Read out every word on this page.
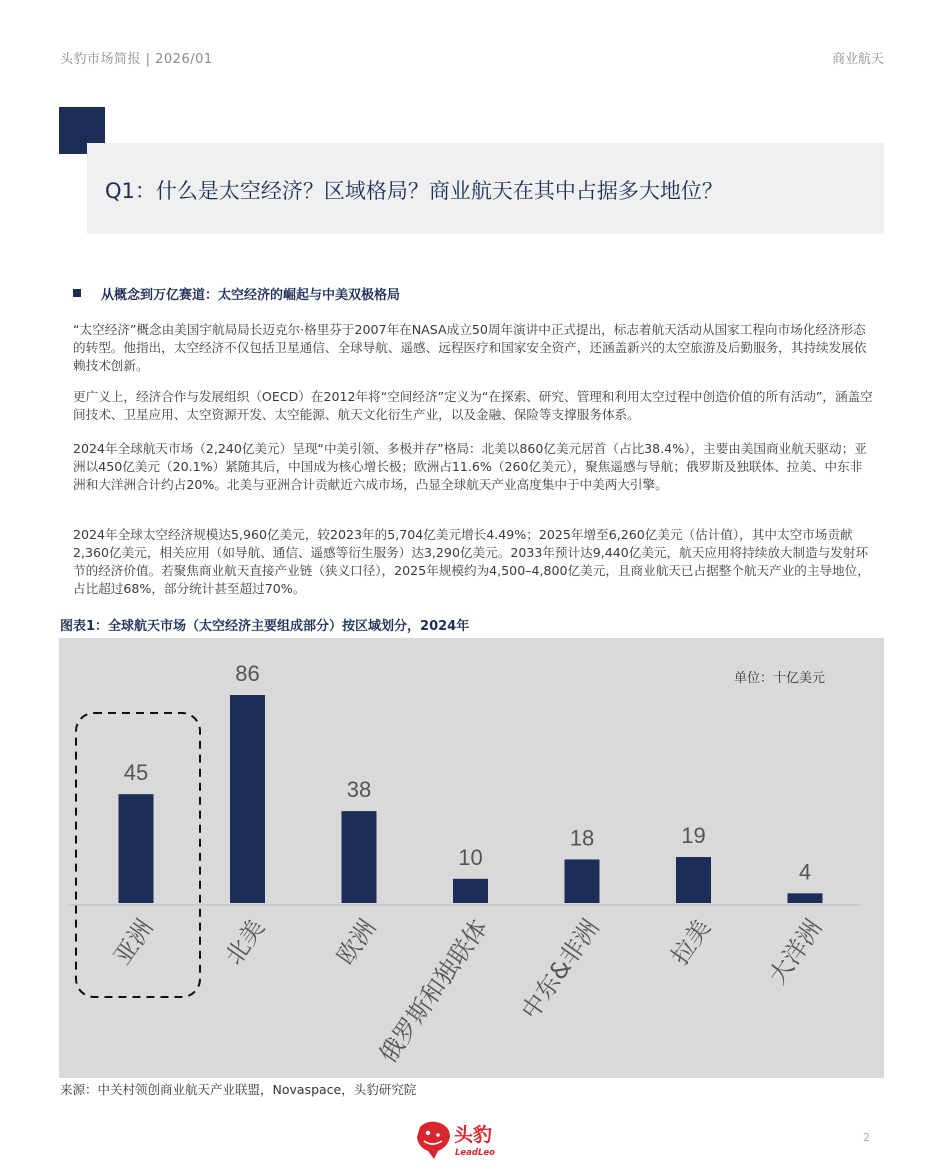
头豹市场简报 | 2026/01	商业航天
Q1：什么是太空经济？区域格局？商业航天在其中占据多大地位？
从概念到万亿赛道：太空经济的崛起与中美双极格局
“太空经济”概念由美国宇航局局长迈克尔·格里芬于2007年在NASA成立50周年演讲中正式提出，标志着航天活动从国家工程向市场化经济形态的转型。他指出，太空经济不仅包括卫星通信、全球导航、遥感、远程医疗和国家安全资产，还涵盖新兴的太空旅游及后勤服务，其持续发展依赖技术创新。
更广义上，经济合作与发展组织（OECD）在2012年将“空间经济”定义为“在探索、研究、管理和利用太空过程中创造价值的所有活动”，涵盖空间技术、卫星应用、太空资源开发、太空能源、航天文化衍生产业，以及金融、保险等支撑服务体系。
2024年全球航天市场（2,240亿美元）呈现“中美引领、多极并存”格局：北美以860亿美元居首（占比38.4%），主要由美国商业航天驱动；亚洲以450亿美元（20.1%）紧随其后，中国成为核心增长极；欧洲占11.6%（260亿美元），聚焦遥感与导航；俄罗斯及独联体、拉美、中东非洲和大洋洲合计约占20%。北美与亚洲合计贡献近六成市场，凸显全球航天产业高度集中于中美两大引擎。
2024年全球太空经济规模达5,960亿美元，较2023年的5,704亿美元增长4.49%；2025年增至6,260亿美元（估计值），其中太空市场贡献2,360亿美元，相关应用（如导航、通信、遥感等衍生服务）达3,290亿美元。2033年预计达9,440亿美元，航天应用将持续放大制造与发射环节的经济价值。若聚焦商业航天直接产业链（狭义口径），2025年规模约为4,500–4,800亿美元，且商业航天已占据整个航天产业的主导地位，占比超过68%，部分统计甚至超过70%。
图表1：全球航天市场（太空经济主要组成部分）按区域划分，2024年
单位：十亿美元
45
亚洲
86
北美
38
欧洲
10
俄罗斯和独联体
18
中东&非洲
19
拉美
4
大洋洲
来源：中关村领创商业航天产业联盟，Novaspace，头豹研究院
头豹
LeadLeo
2
